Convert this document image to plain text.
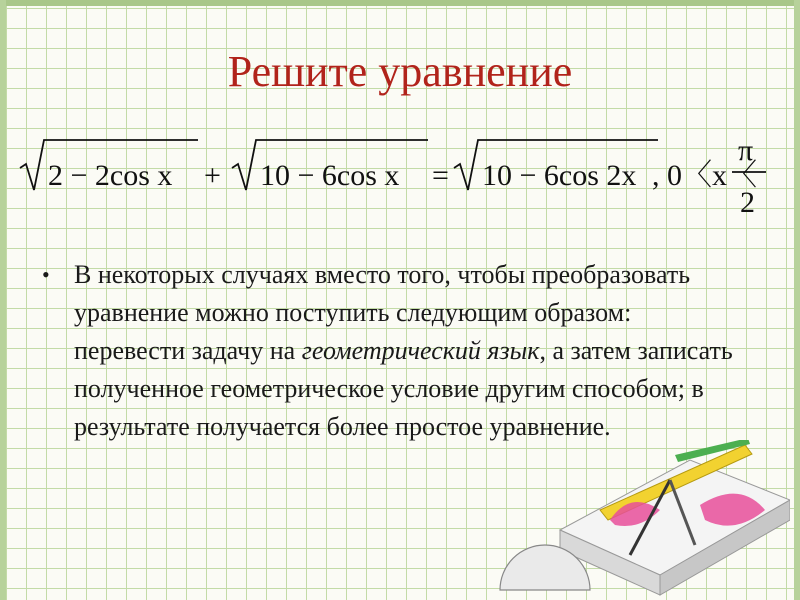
Решите уравнение
2 − 2cos x + 10 − 6cos x = 10 − 6cos 2x , 0〈x〈
π
2
• В некоторых случаях вместо того, чтобы преобразовать уравнение можно поступить следующим образом: перевести задачу на геометрический язык, а затем записать полученное геометрическое условие другим способом; в результате получается более простое уравнение.
